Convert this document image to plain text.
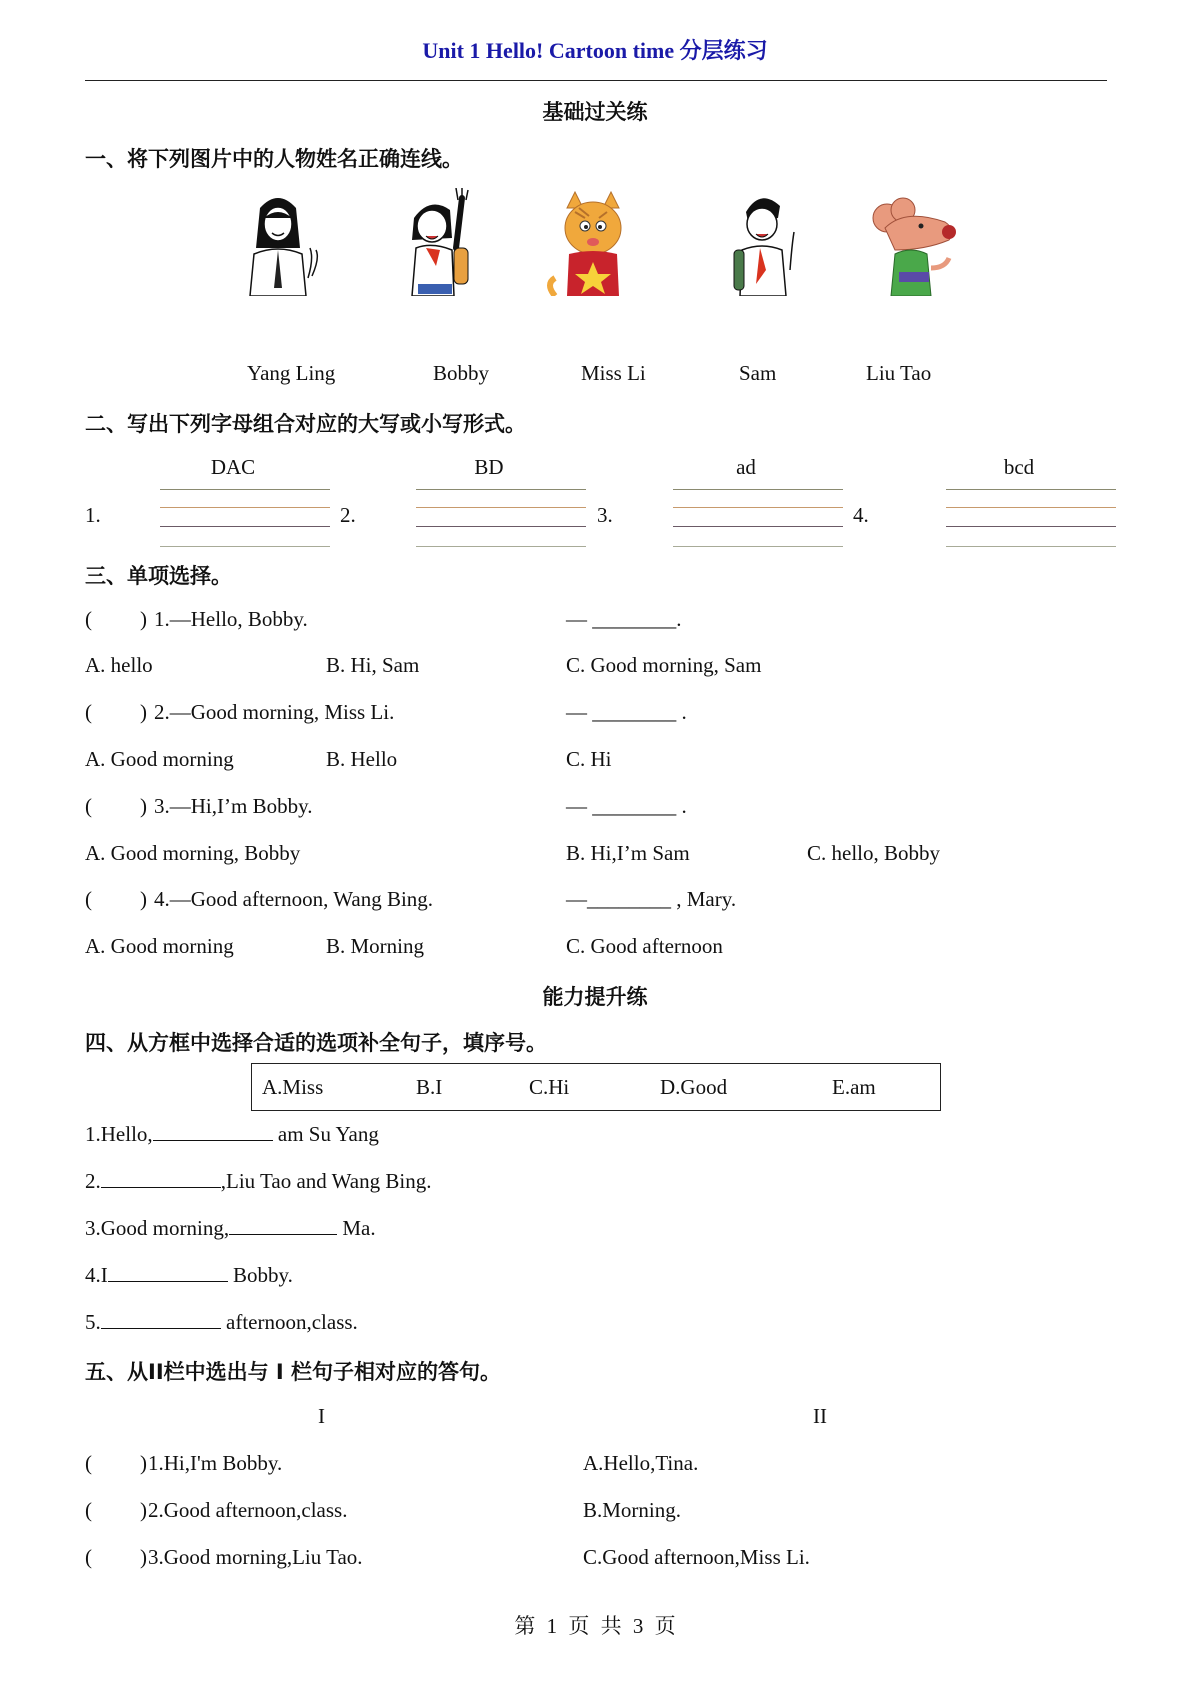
Unit 1 Hello! Cartoon time 分层练习
基础过关练
一、将下列图片中的人物姓名正确连线。
Yang Ling	Bobby	Miss Li	Sam	Liu Tao
二、写出下列字母组合对应的大写或小写形式。
DAC	BD	ad	bcd
1.	2.	3.	4.
三、单项选择。
( ) 1.—Hello, Bobby.	— ________.
A. hello	B. Hi, Sam	C. Good morning, Sam
( ) 2.—Good morning, Miss Li.	— ________ .
A. Good morning	B. Hello	C. Hi
( ) 3.—Hi,I’m Bobby.	— ________ .
A. Good morning, Bobby	B. Hi,I’m Sam	C. hello, Bobby
( ) 4.—Good afternoon, Wang Bing.	—________ , Mary.
A. Good morning	B. Morning	C. Good afternoon
能力提升练
四、从方框中选择合适的选项补全句子，填序号。
A.Miss	B.I	C.Hi	D.Good	E.am
1.Hello,	am Su Yang
2.	,Liu Tao and Wang Bing.
3.Good morning,	Ma.
4.I	Bobby.
5.	afternoon,class.
五、从II栏中选出与 I 栏句子相对应的答句。
I	II
( ) 1.Hi,I'm Bobby.	A.Hello,Tina.
( ) 2.Good afternoon,class.	B.Morning.
( ) 3.Good morning,Liu Tao.	C.Good afternoon,Miss Li.
第 1 页 共 3 页
